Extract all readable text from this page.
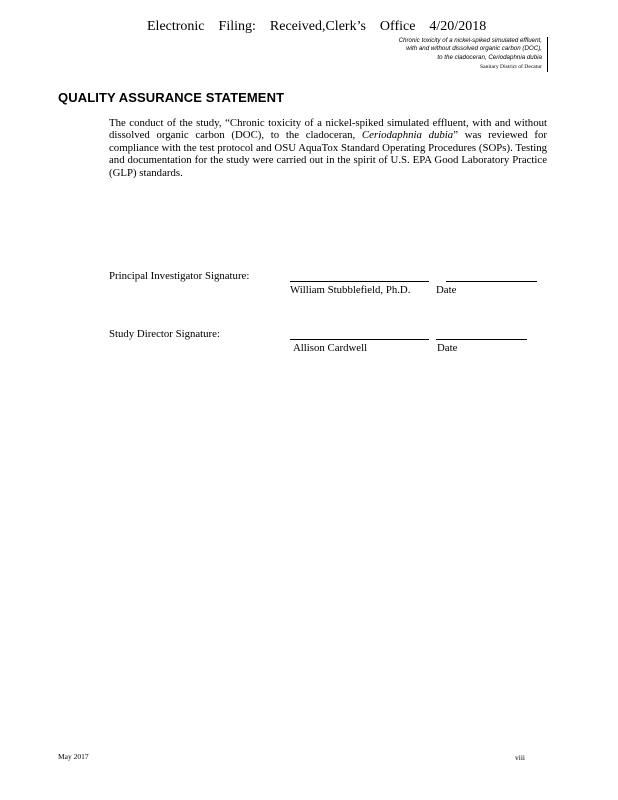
Electronic Filing: Received,Clerk’s Office 4/20/2018
Chronic toxicity of a nickel-spiked simulated effluent,
with and without dissolved organic carbon (DOC),
to the cladoceran, Ceriodaphnia dubia
Sanitary District of Decatur
QUALITY ASSURANCE STATEMENT
The conduct of the study, “Chronic toxicity of a nickel-spiked simulated effluent, with and without dissolved organic carbon (DOC), to the cladoceran, Ceriodaphnia dubia” was reviewed for compliance with the test protocol and OSU AquaTox Standard Operating Procedures (SOPs). Testing and documentation for the study were carried out in the spirit of U.S. EPA Good Laboratory Practice (GLP) standards.
Principal Investigator Signature:
William Stubblefield, Ph.D. Date
Study Director Signature:
Allison Cardwell	Date
May 2017	viii
